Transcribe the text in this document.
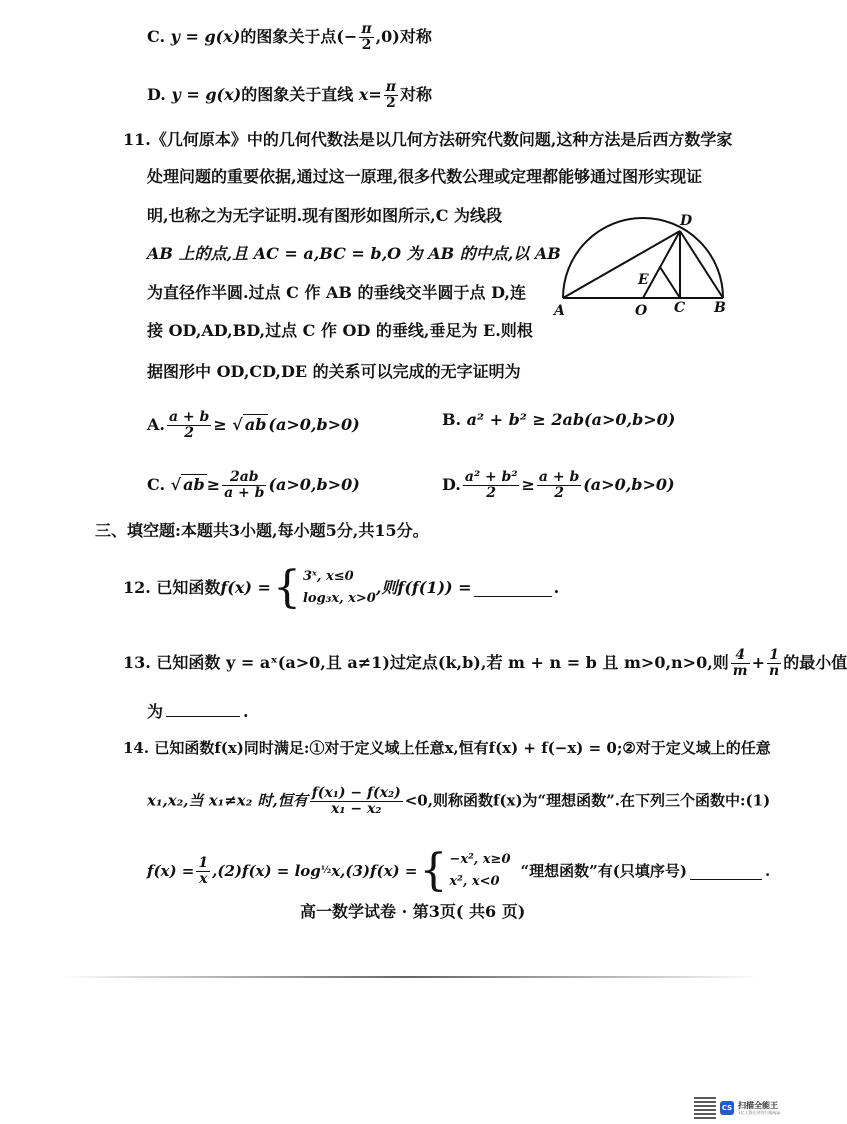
C. y = g(x)的图象关于点(− $\frac{\pi}{2} ,0$)对称
D. y = g(x)的图象关于直线 $x= \frac{\pi}{2}$ 对称
11.《几何原本》中的几何代数法是以几何方法研究代数问题,这种方法是后西方数学家
处理问题的重要依据,通过这一原理,很多代数公理或定理都能够通过图形实现证
明,也称之为无字证明.现有图形如图所示,C 为线段
AB 上的点,且 AC = a,BC = b,O 为 AB 的中点,以 AB
为直径作半圆.过点 C 作 AB 的垂线交半圆于点 D,连
接 OD,AD,BD,过点 C 作 OD 的垂线,垂足为 E.则根
据图形中 OD,CD,DE 的关系可以完成的无字证明为
A	O C B
D
E
A. $\frac{a + b}{2}$ ≥ √ ab (a>0,b>0)	B. a² + b² ≥ 2ab(a>0,b>0)
C. √ ab ≥ $\frac{2ab}{a + b} (a>0,b>0)$	D. $\frac{\text{a² + b²}}{2} \ge \frac{a + b}{2} (a>0,b>0)$
三、填空题:本题共3小题,每小题5分,共15分。
12. 已知函数 f(x) = { 3ˣ, x≤0
log₃x, x>0
,则f(f(1)) =	.
13. 已知函数 y = aˣ(a>0,且 a≠1)过定点(k,b),若 m + n = b 且 m>0,n>0,则 $\frac{4}{m} + \frac{1}{n}$ 的最小值
为	.
14. 已知函数f(x)同时满足:①对于定义域上任意x,恒有f(x) + f(−x) = 0;②对于定义域上的任意
x₁,x₂,当 x₁≠x₂ 时,恒有 $\frac{\text{f(x₁) − f(x₂)}}{\text{x₁ − x₂}} <0$,则称函数f(x)为“理想函数”.在下列三个函数中:(1)
$f(x) = \frac{1}{x} ,(2)f(x) = \log$ ½ x,(3)f(x) = { −x², x≥0
x², x<0
“理想函数”有(只填序号)	.
高一数学试卷 · 第3页( 共6 页)
CS 扫描全能王
3亿人都在用的扫描App
